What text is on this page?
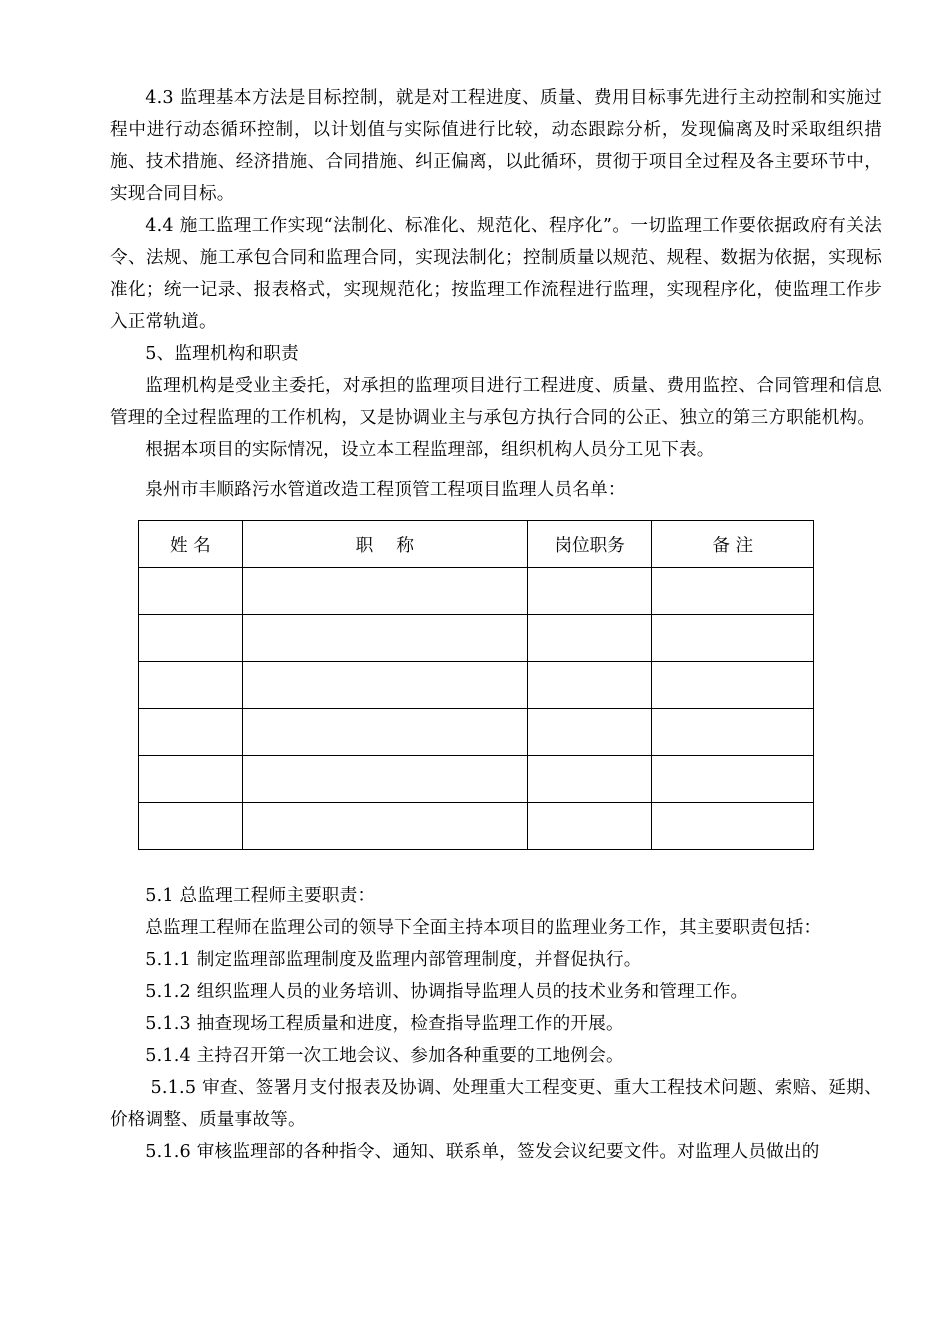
4.3 监理基本方法是目标控制，就是对工程进度、质量、费用目标事先进行主动控制和实施过程中进行动态循环控制，以计划值与实际值进行比较，动态跟踪分析，发现偏离及时采取组织措施、技术措施、经济措施、合同措施、纠正偏离，以此循环，贯彻于项目全过程及各主要环节中，实现合同目标。

4.4 施工监理工作实现“法制化、标准化、规范化、程序化”。一切监理工作要依据政府有关法令、法规、施工承包合同和监理合同，实现法制化；控制质量以规范、规程、数据为依据，实现标准化；统一记录、报表格式，实现规范化；按监理工作流程进行监理，实现程序化，使监理工作步入正常轨道。

5、监理机构和职责

监理机构是受业主委托，对承担的监理项目进行工程进度、质量、费用监控、合同管理和信息管理的全过程监理的工作机构，又是协调业主与承包方执行合同的公正、独立的第三方职能机构。

根据本项目的实际情况，设立本工程监理部，组织机构人员分工见下表。

泉州市丰顺路污水管道改造工程顶管工程项目监理人员名单：

姓 名	职　 称	岗位职务	备 注

5.1 总监理工程师主要职责：

总监理工程师在监理公司的领导下全面主持本项目的监理业务工作，其主要职责包括：

5.1.1 制定监理部监理制度及监理内部管理制度，并督促执行。

5.1.2 组织监理人员的业务培训、协调指导监理人员的技术业务和管理工作。

5.1.3 抽查现场工程质量和进度，检查指导监理工作的开展。

5.1.4 主持召开第一次工地会议、参加各种重要的工地例会。

5.1.5 审查、签署月支付报表及协调、处理重大工程变更、重大工程技术问题、索赔、延期、价格调整、质量事故等。

5.1.6 审核监理部的各种指令、通知、联系单，签发会议纪要文件。对监理人员做出的
